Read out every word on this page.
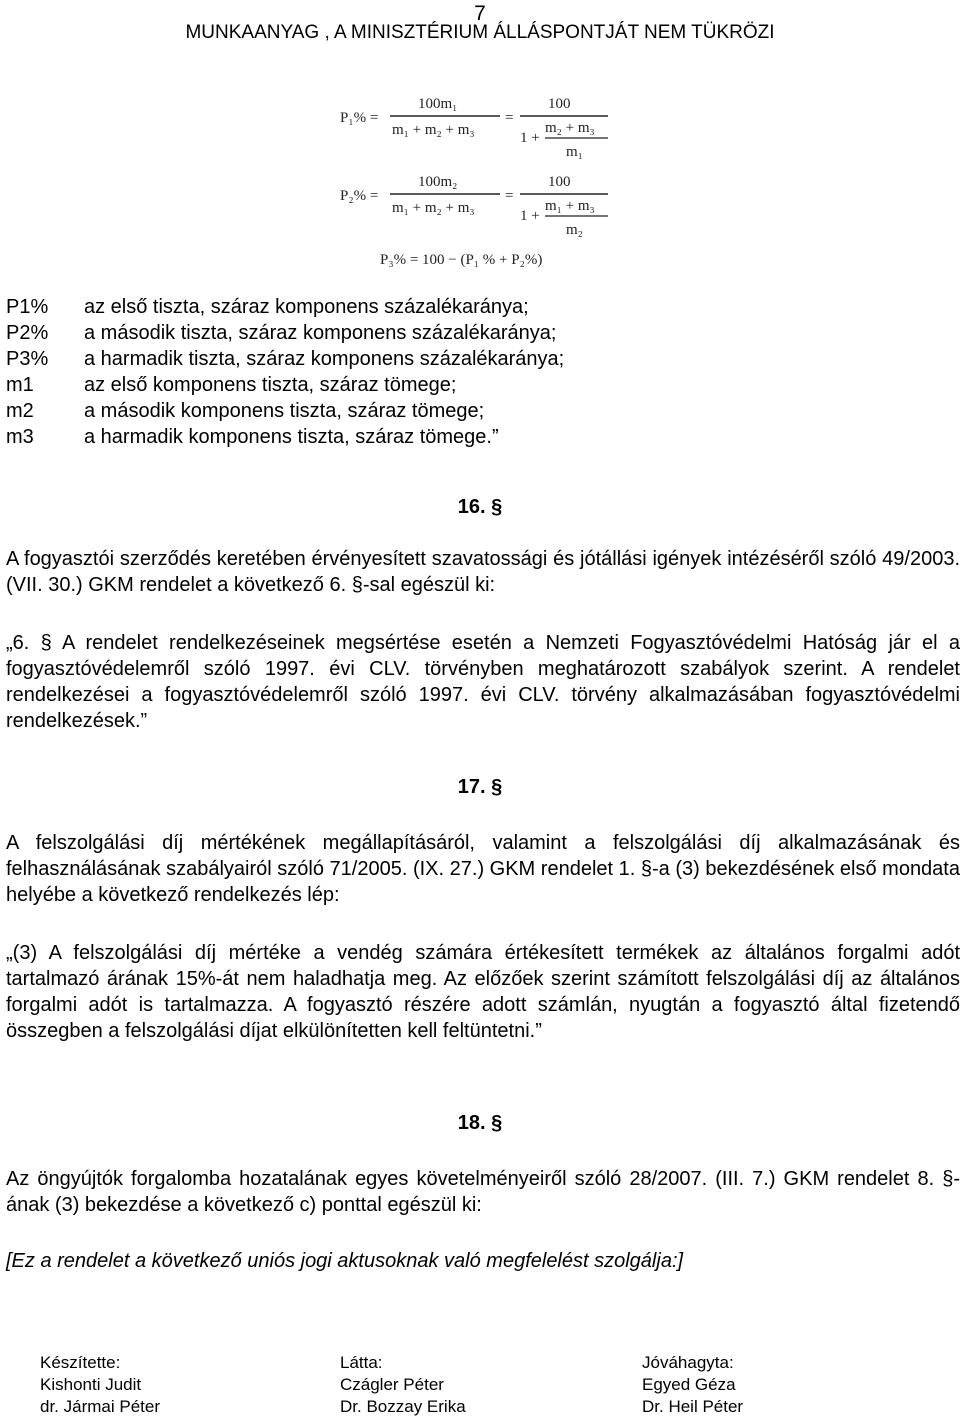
7
MUNKAANYAG , A MINISZTÉRIUM ÁLLÁSPONTJÁT NEM TÜKRÖZI
P₁% =
100m₁
m₁ + m₂ + m₃
=
100
1 +
m₂ + m₃
m₁
P₂% =
100m₂
m₁ + m₂ + m₃
=
100
1 +
m₁ + m₃
m₂
P₃% = 100 − (P₁ % + P₂%)
P1%	az első tiszta, száraz komponens százalékaránya;
P2%	a második tiszta, száraz komponens százalékaránya;
P3%	a harmadik tiszta, száraz komponens százalékaránya;
m1	az első komponens tiszta, száraz tömege;
m2	a második komponens tiszta, száraz tömege;
m3	a harmadik komponens tiszta, száraz tömege.”
16. §
A fogyasztói szerződés keretében érvényesített szavatossági és jótállási igények intézéséről szóló 49/2003. (VII. 30.) GKM rendelet a következő 6. §-sal egészül ki:
„6. § A rendelet rendelkezéseinek megsértése esetén a Nemzeti Fogyasztóvédelmi Hatóság jár el a fogyasztóvédelemről szóló 1997. évi CLV. törvényben meghatározott szabályok szerint. A rendelet rendelkezései a fogyasztóvédelemről szóló 1997. évi CLV. törvény alkalmazásában fogyasztóvédelmi rendelkezések.”
17. §
A felszolgálási díj mértékének megállapításáról, valamint a felszolgálási díj alkalmazásának és felhasználásának szabályairól szóló 71/2005. (IX. 27.) GKM rendelet 1. §-a (3) bekezdésének első mondata helyébe a következő rendelkezés lép:
„(3) A felszolgálási díj mértéke a vendég számára értékesített termékek az általános forgalmi adót tartalmazó árának 15%-át nem haladhatja meg. Az előzőek szerint számított felszolgálási díj az általános forgalmi adót is tartalmazza. A fogyasztó részére adott számlán, nyugtán a fogyasztó által fizetendő összegben a felszolgálási díjat elkülönítetten kell feltüntetni.”
18. §
Az öngyújtók forgalomba hozatalának egyes követelményeiről szóló 28/2007. (III. 7.) GKM rendelet 8. §-ának (3) bekezdése a következő c) ponttal egészül ki:
[Ez a rendelet a következő uniós jogi aktusoknak való megfelelést szolgálja:]
Készítette:
Kishonti Judit
dr. Jármai Péter
Látta:
Czágler Péter
Dr. Bozzay Erika
Jóváhagyta:
Egyed Géza
Dr. Heil Péter
